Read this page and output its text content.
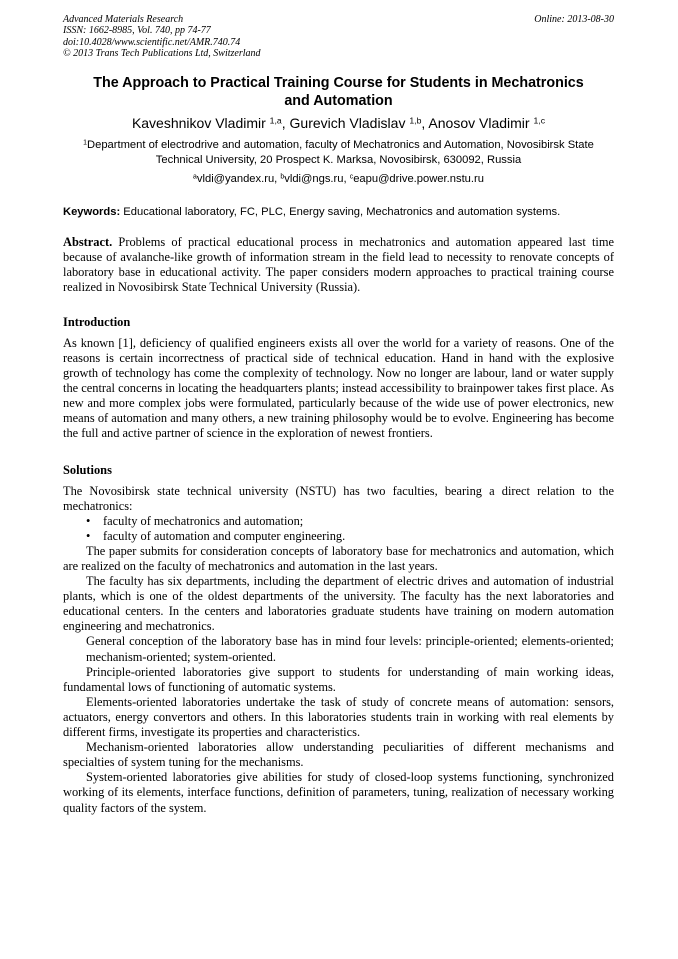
Advanced Materials Research
ISSN: 1662-8985, Vol. 740, pp 74-77
doi:10.4028/www.scientific.net/AMR.740.74
© 2013 Trans Tech Publications Ltd, Switzerland
Online: 2013-08-30
The Approach to Practical Training Course for Students in Mechatronics
and Automation
Kaveshnikov Vladimir $^{1,a}$, Gurevich Vladislav $^{1,b}$, Anosov Vladimir $^{1,c}$
$^1$Department of electrodrive and automation, faculty of Mechatronics and Automation, Novosibirsk State Technical University, 20 Prospect K. Marksa, Novosibirsk, 630092, Russia
$^a$vldi@yandex.ru, $^b$vldi@ngs.ru, $^c$eapu@drive.power.nstu.ru
Keywords: Educational laboratory, FC, PLC, Energy saving, Mechatronics and automation systems.

Abstract. Problems of practical educational process in mechatronics and automation appeared last time because of avalanche-like growth of information stream in the field lead to necessity to renovate concepts of laboratory base in educational activity. The paper considers modern approaches to practical training course realized in Novosibirsk State Technical University (Russia).

Introduction

As known [1], deficiency of qualified engineers exists all over the world for a variety of reasons. One of the reasons is certain incorrectness of practical side of technical education. Hand in hand with the explosive growth of technology has come the complexity of technology. Now no longer are labour, land or water supply the central concerns in locating the headquarters plants; instead accessibility to brainpower takes first place. As new and more complex jobs were formulated, particularly because of the wide use of power electronics, new means of automation and many others, a new training philosophy would be to evolve. Engineering has become the full and active partner of science in the exploration of newest frontiers.

Solutions

The Novosibirsk state technical university (NSTU) has two faculties, bearing a direct relation to the mechatronics:

• faculty of mechatronics and automation;
• faculty of automation and computer engineering.

The paper submits for consideration concepts of laboratory base for mechatronics and automation, which are realized on the faculty of mechatronics and automation in the last years.

The faculty has six departments, including the department of electric drives and automation of industrial plants, which is one of the oldest departments of the university. The faculty has the next laboratories and educational centers. In the centers and laboratories graduate students have training on modern automation engineering and mechatronics.

General conception of the laboratory base has in mind four levels: principle-oriented; elements-oriented; mechanism-oriented; system-oriented.

Principle-oriented laboratories give support to students for understanding of main working ideas, fundamental lows of functioning of automatic systems.

Elements-oriented laboratories undertake the task of study of concrete means of automation: sensors, actuators, energy convertors and others. In this laboratories students train in working with real elements by different firms, investigate its properties and characteristics.

Mechanism-oriented laboratories allow understanding peculiarities of different mechanisms and specialties of system tuning for the mechanisms.

System-oriented laboratories give abilities for study of closed-loop systems functioning, synchronized working of its elements, interface functions, definition of parameters, tuning, realization of necessary working quality factors of the system.
